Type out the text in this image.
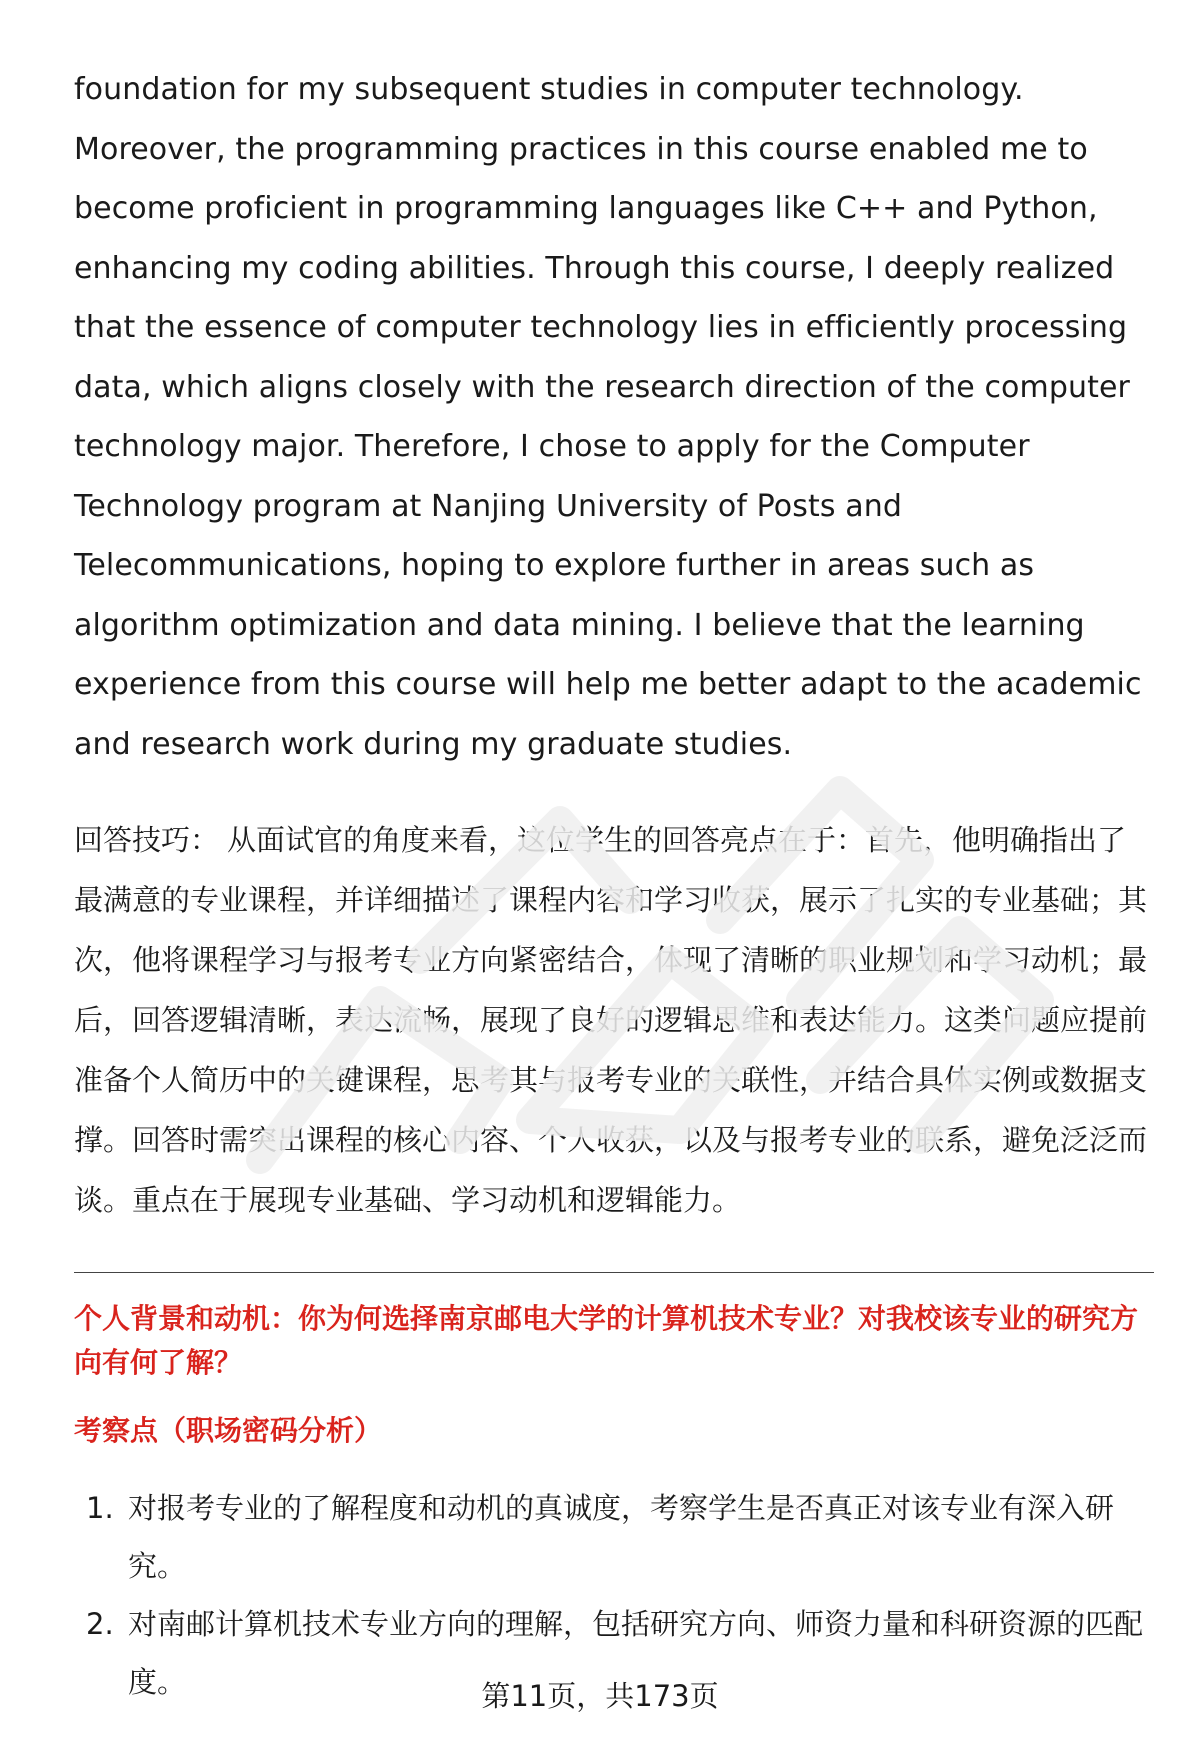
foundation for my subsequent studies in computer technology. Moreover, the programming practices in this course enabled me to become proficient in programming languages like C++ and Python, enhancing my coding abilities. Through this course, I deeply realized that the essence of computer technology lies in efficiently processing data, which aligns closely with the research direction of the computer technology major. Therefore, I chose to apply for the Computer Technology program at Nanjing University of Posts and Telecommunications, hoping to explore further in areas such as algorithm optimization and data mining. I believe that the learning experience from this course will help me better adapt to the academic and research work during my graduate studies.

回答技巧： 从面试官的角度来看，这位学生的回答亮点在于：首先，他明确指出了最满意的专业课程，并详细描述了课程内容和学习收获，展示了扎实的专业基础；其次，他将课程学习与报考专业方向紧密结合，体现了清晰的职业规划和学习动机；最后，回答逻辑清晰，表达流畅，展现了良好的逻辑思维和表达能力。这类问题应提前准备个人简历中的关键课程，思考其与报考专业的关联性，并结合具体实例或数据支撑。回答时需突出课程的核心内容、个人收获，以及与报考专业的联系，避免泛泛而谈。重点在于展现专业基础、学习动机和逻辑能力。

个人背景和动机：你为何选择南京邮电大学的计算机技术专业？对我校该专业的研究方向有何了解？

考察点（职场密码分析）

1. 对报考专业的了解程度和动机的真诚度，考察学生是否真正对该专业有深入研究。
2. 对南邮计算机技术专业方向的理解，包括研究方向、师资力量和科研资源的匹配度。	第11页，共173页
